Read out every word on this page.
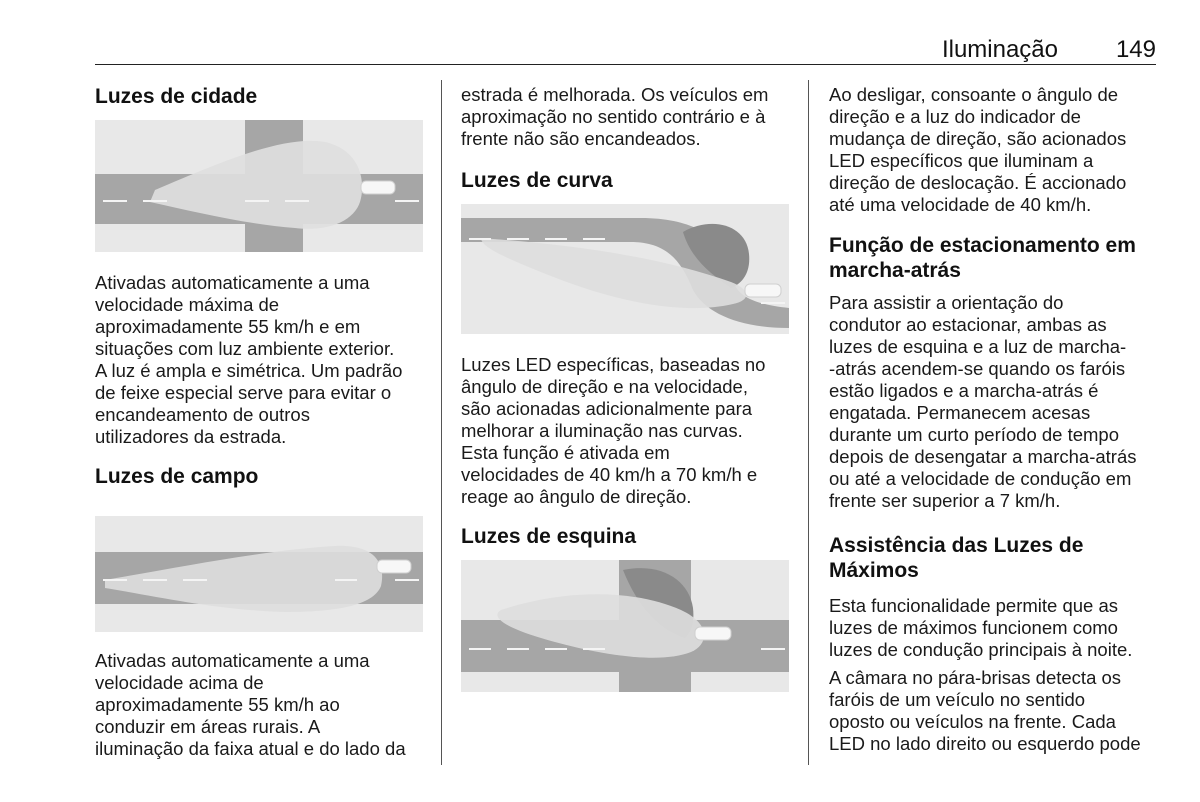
Iluminação 149
Luzes de cidade

Ativadas automaticamente a uma

velocidade máxima de

aproximadamente 55 km/h e em

situações com luz ambiente exterior.

A luz é ampla e simétrica. Um padrão

de feixe especial serve para evitar o

encandeamento de outros

utilizadores da estrada.

Luzes de campo

Ativadas automaticamente a uma

velocidade acima de

aproximadamente 55 km/h ao

conduzir em áreas rurais. A

iluminação da faixa atual e do lado da

estrada é melhorada. Os veículos em

aproximação no sentido contrário e à

frente não são encandeados.

Luzes de curva

Luzes LED específicas, baseadas no

ângulo de direção e na velocidade,

são acionadas adicionalmente para

melhorar a iluminação nas curvas.

Esta função é ativada em

velocidades de 40 km/h a 70 km/h e

reage ao ângulo de direção.

Luzes de esquina

Ao desligar, consoante o ângulo de

direção e a luz do indicador de

mudança de direção, são acionados

LED específicos que iluminam a

direção de deslocação. É accionado

até uma velocidade de 40 km/h.

Função de estacionamento em
marcha-atrás

Para assistir a orientação do

condutor ao estacionar, ambas as

luzes de esquina e a luz de marcha-

-atrás acendem-se quando os faróis

estão ligados e a marcha-atrás é

engatada. Permanecem acesas

durante um curto período de tempo

depois de desengatar a marcha-atrás

ou até a velocidade de condução em

frente ser superior a 7 km/h.

Assistência das Luzes de
Máximos

Esta funcionalidade permite que as

luzes de máximos funcionem como

luzes de condução principais à noite.

A câmara no pára-brisas detecta os

faróis de um veículo no sentido

oposto ou veículos na frente. Cada

LED no lado direito ou esquerdo pode
